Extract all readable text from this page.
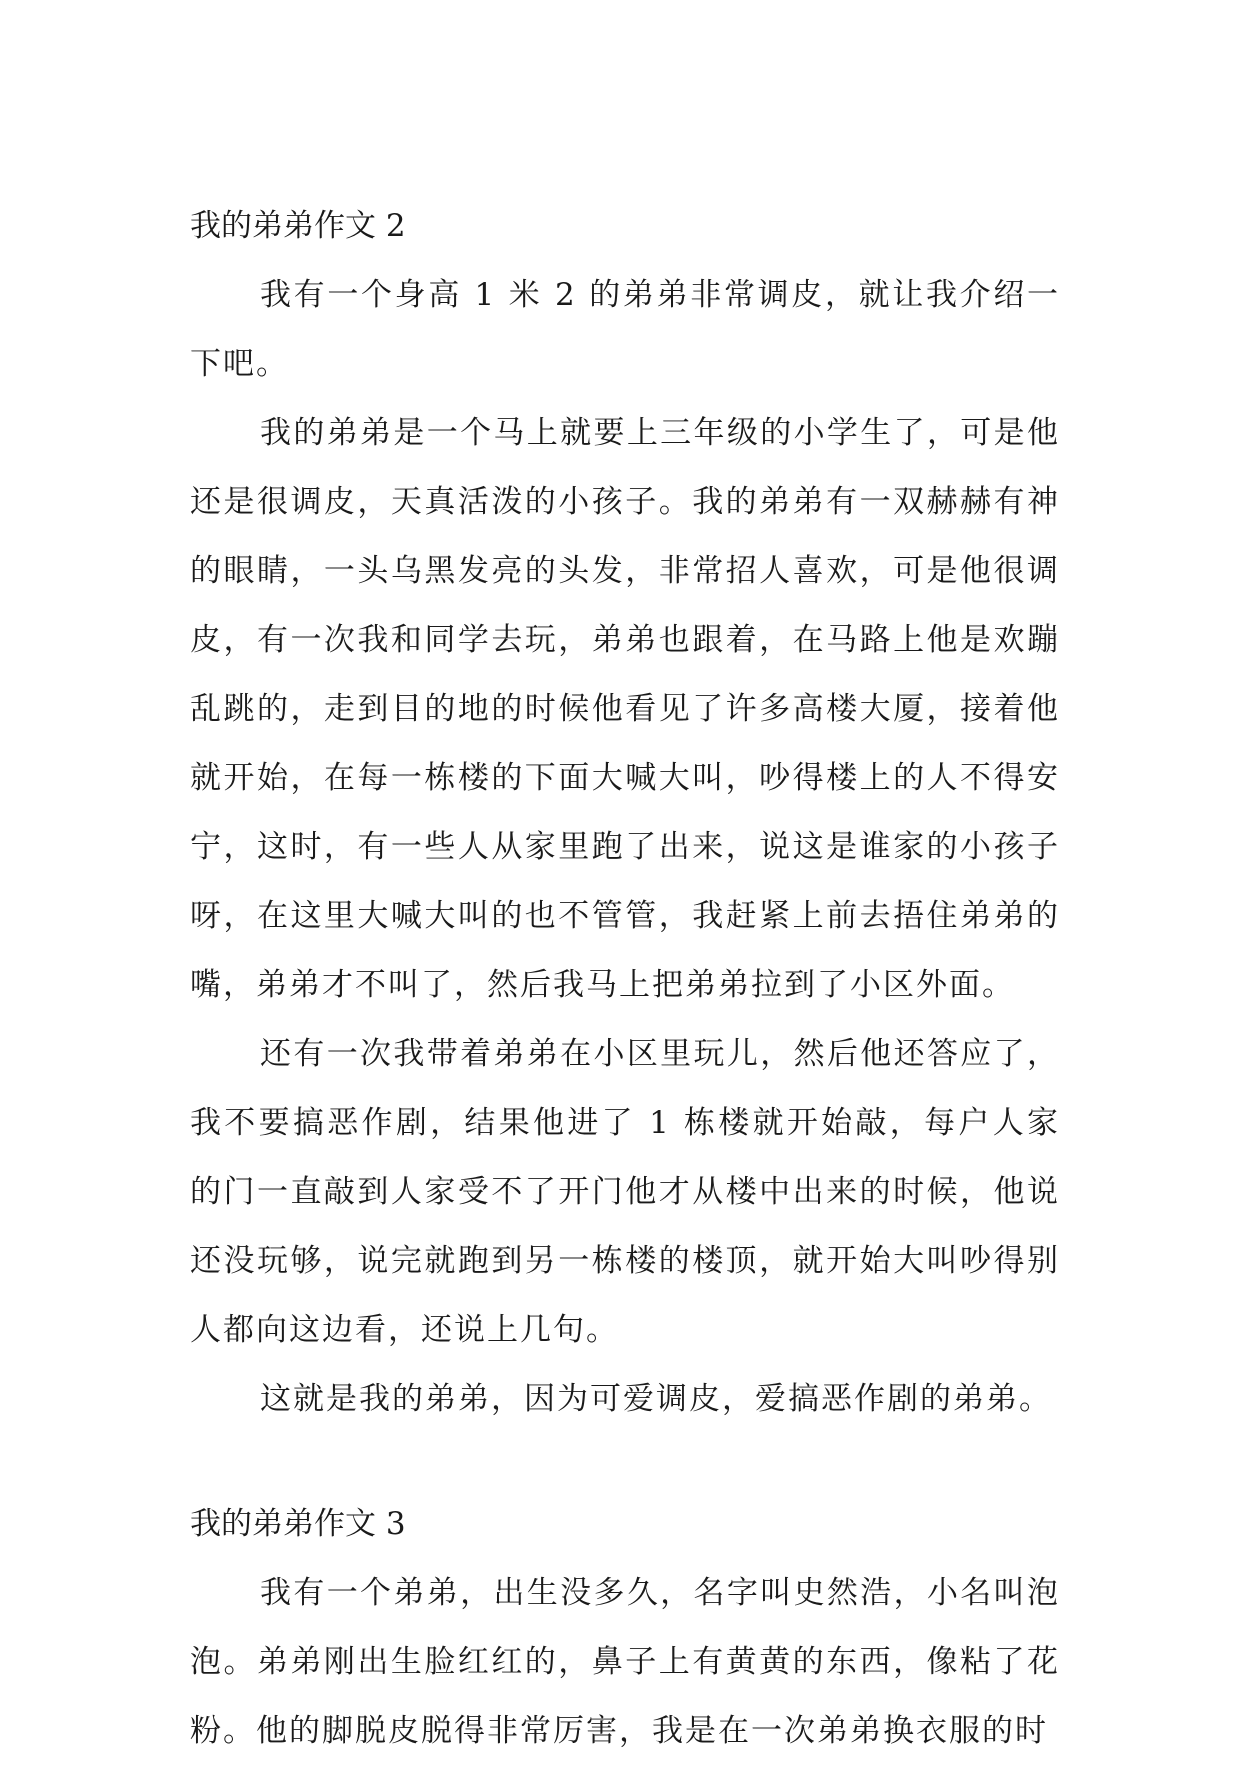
我的弟弟作文 2

我有一个身高 1 米 2 的弟弟非常调皮，就让我介绍一下吧。

我的弟弟是一个马上就要上三年级的小学生了，可是他还是很调皮，天真活泼的小孩子。我的弟弟有一双赫赫有神的眼睛，一头乌黑发亮的头发，非常招人喜欢，可是他很调皮，有一次我和同学去玩，弟弟也跟着，在马路上他是欢蹦乱跳的，走到目的地的时候他看见了许多高楼大厦，接着他就开始，在每一栋楼的下面大喊大叫，吵得楼上的人不得安宁，这时，有一些人从家里跑了出来，说这是谁家的小孩子呀，在这里大喊大叫的也不管管，我赶紧上前去捂住弟弟的嘴，弟弟才不叫了，然后我马上把弟弟拉到了小区外面。

还有一次我带着弟弟在小区里玩儿，然后他还答应了，我不要搞恶作剧，结果他进了 1 栋楼就开始敲，每户人家的门一直敲到人家受不了开门他才从楼中出来的时候，他说还没玩够，说完就跑到另一栋楼的楼顶，就开始大叫吵得别人都向这边看，还说上几句。

这就是我的弟弟，因为可爱调皮，爱搞恶作剧的弟弟。

我的弟弟作文 3

我有一个弟弟，出生没多久，名字叫史然浩，小名叫泡泡。弟弟刚出生脸红红的，鼻子上有黄黄的东西，像粘了花粉。他的脚脱皮脱得非常厉害，我是在一次弟弟换衣服的时
